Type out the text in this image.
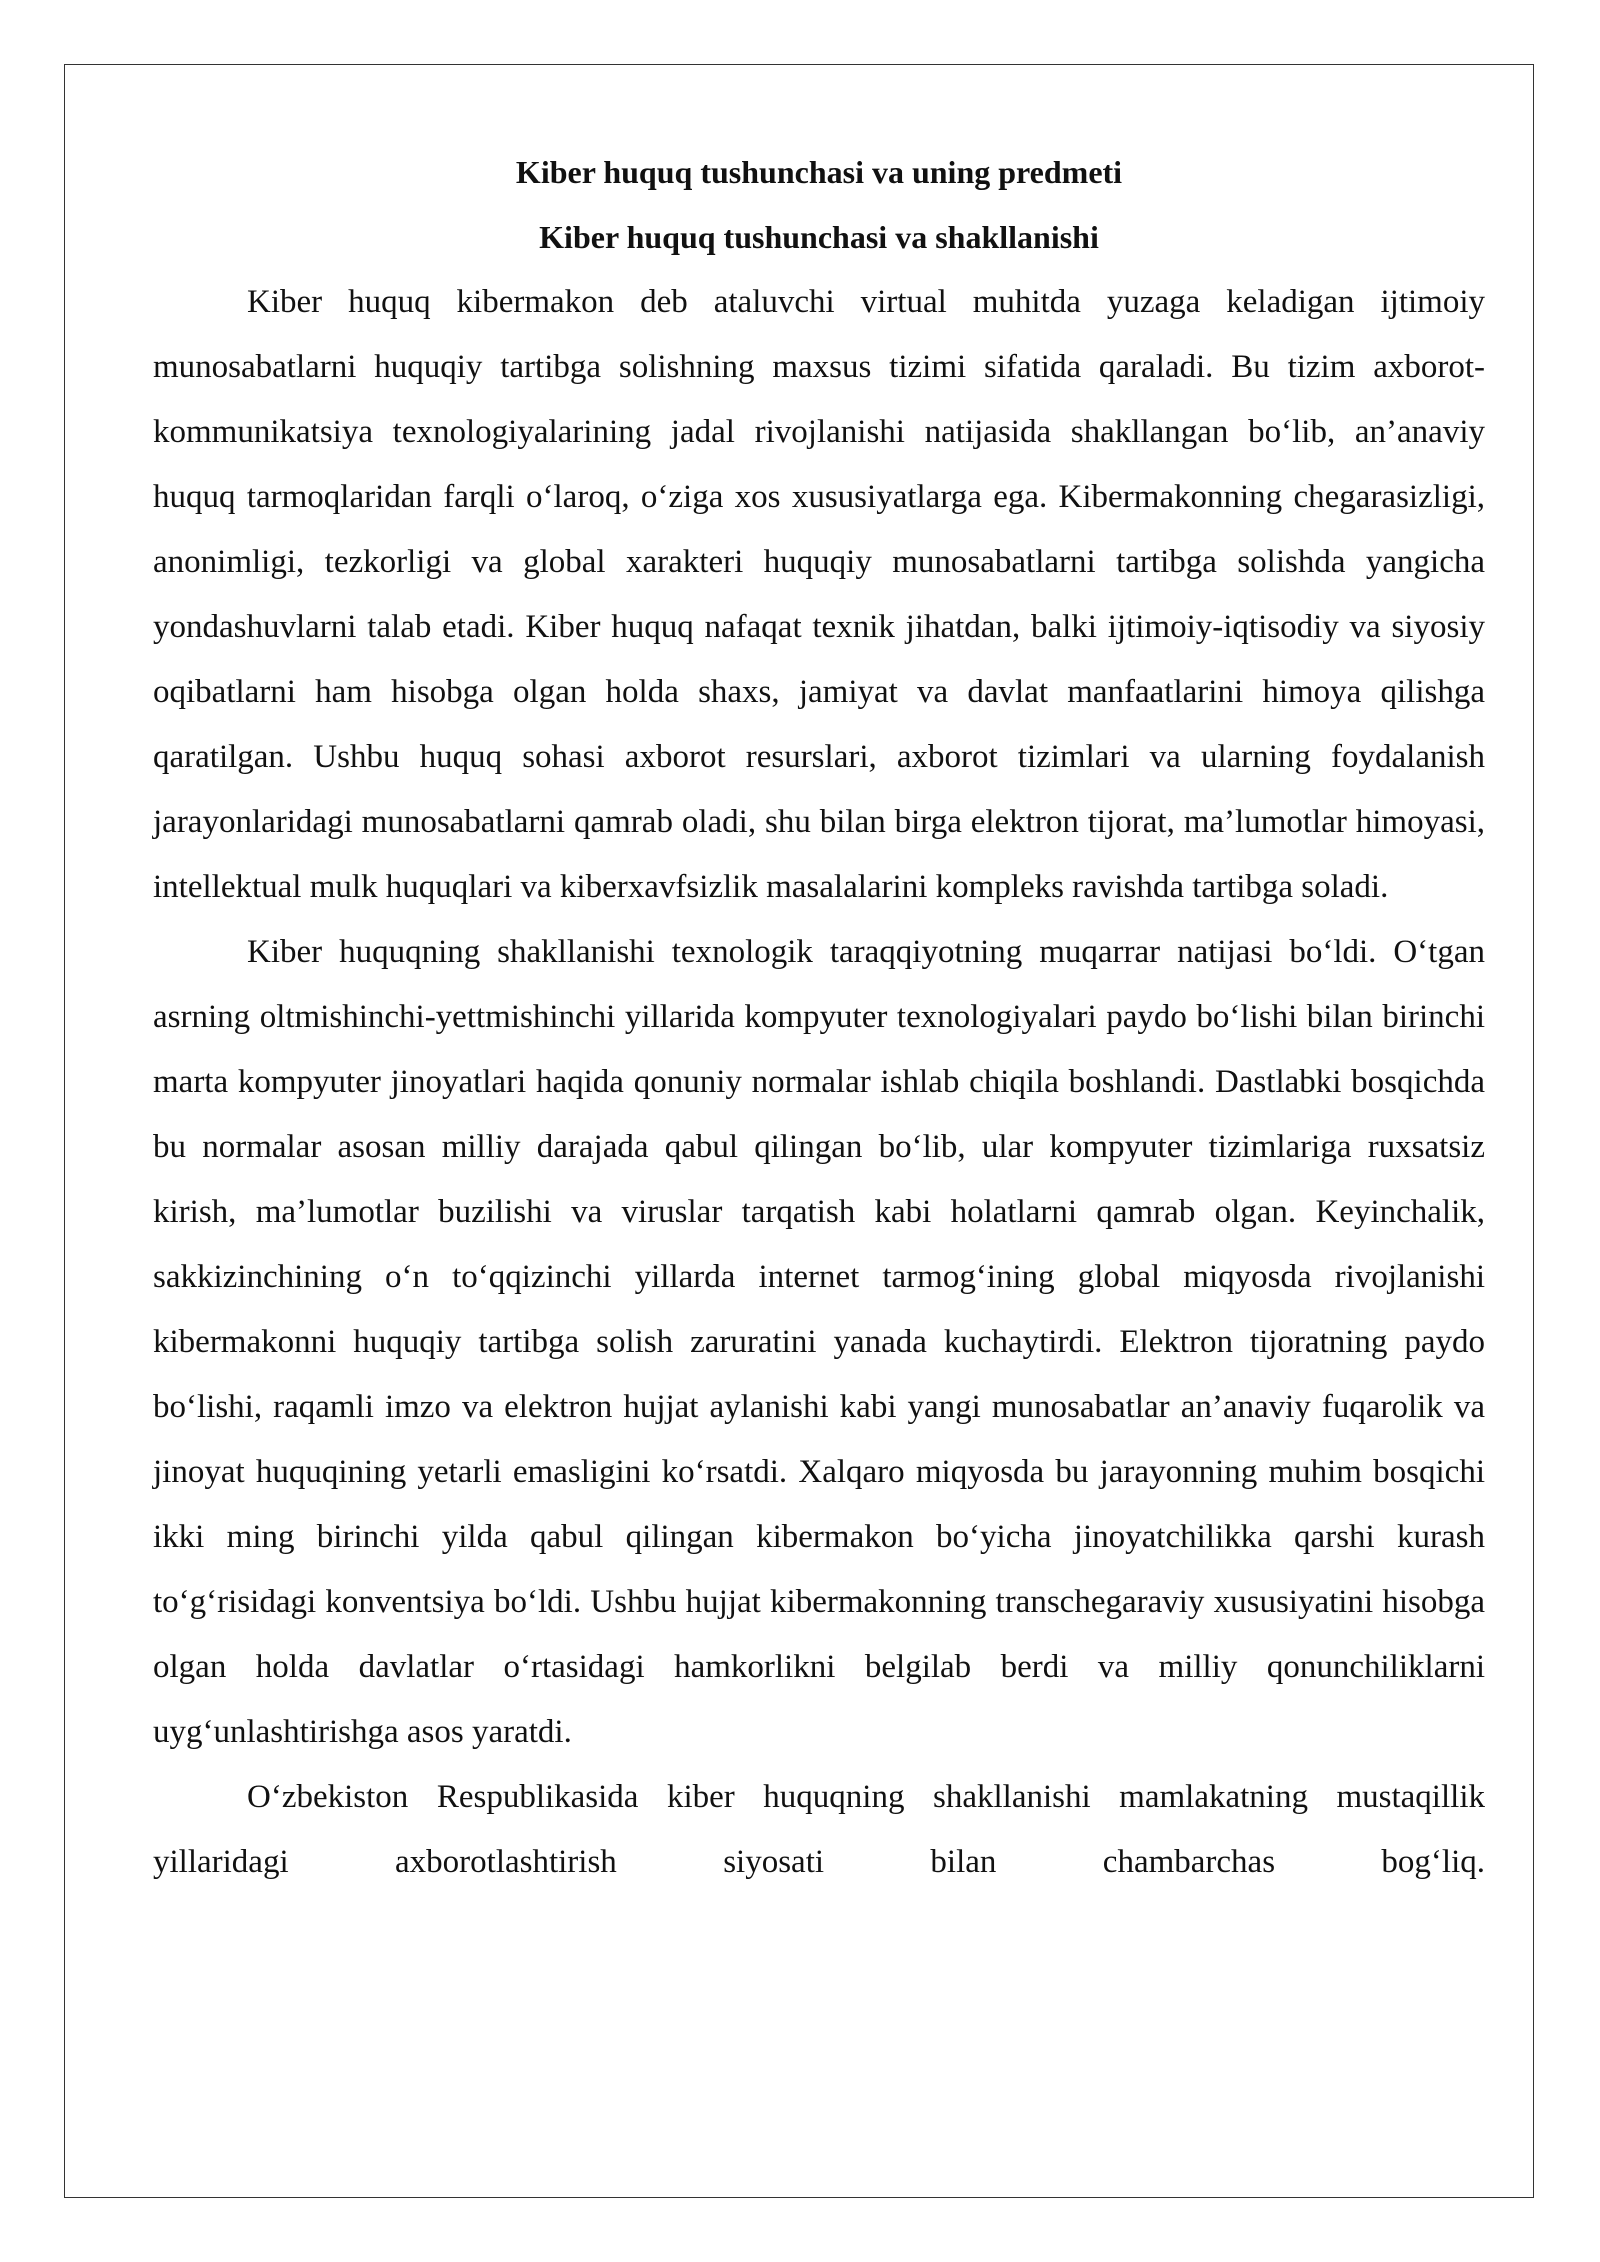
Kiber huquq tushunchasi va uning predmeti

Kiber huquq tushunchasi va shakllanishi

Kiber huquq kibermakon deb ataluvchi virtual muhitda yuzaga keladigan ijtimoiy munosabatlarni huquqiy tartibga solishning maxsus tizimi sifatida qaraladi. Bu tizim axborot-kommunikatsiya texnologiyalarining jadal rivojlanishi natijasida shakllangan bo‘lib, an’anaviy huquq tarmoqlaridan farqli o‘laroq, o‘ziga xos xususiyatlarga ega. Kibermakonning chegarasizligi, anonimligi, tezkorligi va global xarakteri huquqiy munosabatlarni tartibga solishda yangicha yondashuvlarni talab etadi. Kiber huquq nafaqat texnik jihatdan, balki ijtimoiy-iqtisodiy va siyosiy oqibatlarni ham hisobga olgan holda shaxs, jamiyat va davlat manfaatlarini himoya qilishga qaratilgan. Ushbu huquq sohasi axborot resurslari, axborot tizimlari va ularning foydalanish jarayonlaridagi munosabatlarni qamrab oladi, shu bilan birga elektron tijorat, ma’lumotlar himoyasi, intellektual mulk huquqlari va kiberxavfsizlik masalalarini kompleks ravishda tartibga soladi.

Kiber huquqning shakllanishi texnologik taraqqiyotning muqarrar natijasi bo‘ldi. O‘tgan asrning oltmishinchi-yettmishinchi yillarida kompyuter texnologiyalari paydo bo‘lishi bilan birinchi marta kompyuter jinoyatlari haqida qonuniy normalar ishlab chiqila boshlandi. Dastlabki bosqichda bu normalar asosan milliy darajada qabul qilingan bo‘lib, ular kompyuter tizimlariga ruxsatsiz kirish, ma’lumotlar buzilishi va viruslar tarqatish kabi holatlarni qamrab olgan. Keyinchalik, sakkizinchining o‘n to‘qqizinchi yillarda internet tarmog‘ining global miqyosda rivojlanishi kibermakonni huquqiy tartibga solish zaruratini yanada kuchaytirdi. Elektron tijoratning paydo bo‘lishi, raqamli imzo va elektron hujjat aylanishi kabi yangi munosabatlar an’anaviy fuqarolik va jinoyat huquqining yetarli emasligini ko‘rsatdi. Xalqaro miqyosda bu jarayonning muhim bosqichi ikki ming birinchi yilda qabul qilingan kibermakon bo‘yicha jinoyatchilikka qarshi kurash to‘g‘risidagi konventsiya bo‘ldi. Ushbu hujjat kibermakonning transchegaraviy xususiyatini hisobga olgan holda davlatlar o‘rtasidagi hamkorlikni belgilab berdi va milliy qonunchiliklarni uyg‘unlashtirishga asos yaratdi.

O‘zbekiston Respublikasida kiber huquqning shakllanishi mamlakatning mustaqillik yillaridagi axborotlashtirish siyosati bilan chambarchas bog‘liq.
